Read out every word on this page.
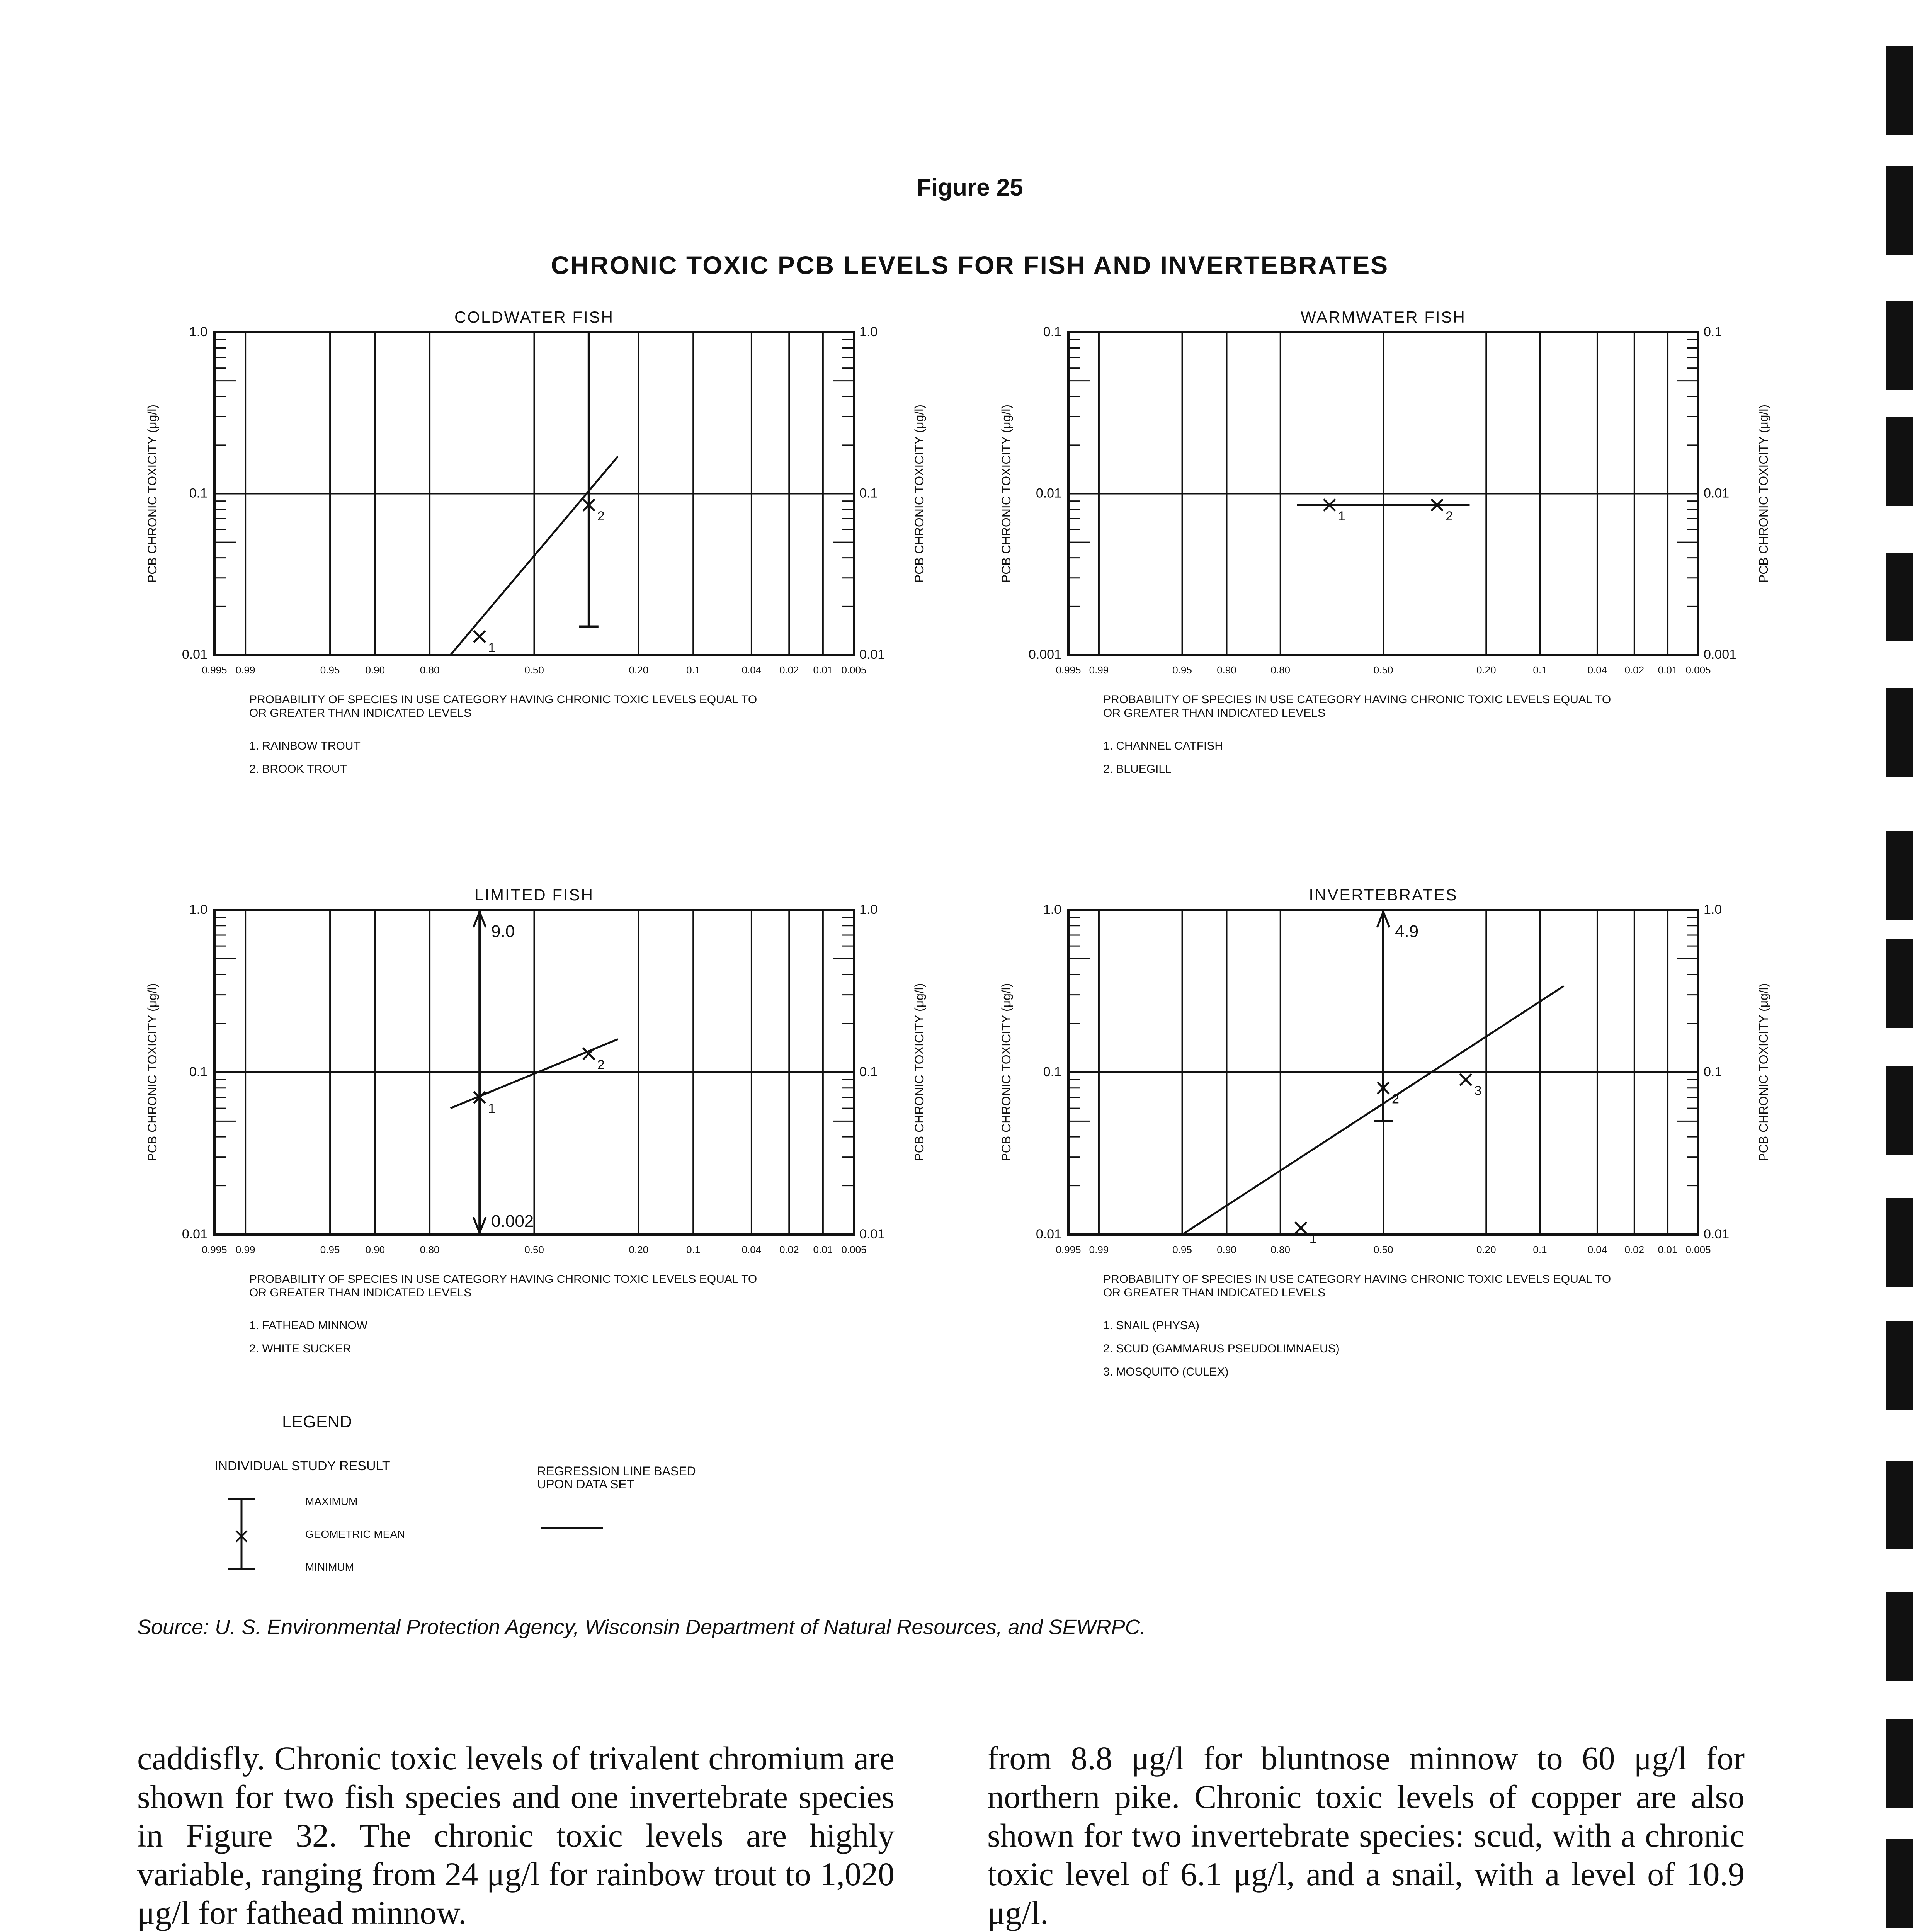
Figure 25
CHRONIC TOXIC PCB LEVELS FOR FISH AND INVERTEBRATES
COLDWATER FISH
0.995 0.99	0.95	0.90	0.80	0.50	0.20	0.1	0.04 0.02 0.01 0.005
1.0	1.0
0.1	0.1
0.01	0.01
PCB CHRONIC TOXICITY (μg/l)	PCB CHRONIC TOXICITY (μg/l)
PROBABILITY OF SPECIES IN USE CATEGORY HAVING CHRONIC TOXIC LEVELS EQUAL TO
OR GREATER THAN INDICATED LEVELS
1. RAINBOW TROUT
2. BROOK TROUT
1
2
WARMWATER FISH
0.995 0.99	0.95 0.90	0.80	0.50	0.20	0.1	0.04 0.02 0.01 0.005
0.1	0.1
0.01	0.01
0.001	0.001
PCB CHRONIC TOXICITY (μg/l)	PCB CHRONIC TOXICITY (μg/l)
PROBABILITY OF SPECIES IN USE CATEGORY HAVING CHRONIC TOXIC LEVELS EQUAL TO
OR GREATER THAN INDICATED LEVELS
1. CHANNEL CATFISH
2. BLUEGILL
1	2
LIMITED FISH
0.995 0.99	0.95	0.90	0.80	0.50	0.20	0.1	0.04 0.02 0.01 0.005
1.0	1.0
0.1	0.1
0.01	0.01
PCB CHRONIC TOXICITY (μg/l)	PCB CHRONIC TOXICITY (μg/l)
PROBABILITY OF SPECIES IN USE CATEGORY HAVING CHRONIC TOXIC LEVELS EQUAL TO
OR GREATER THAN INDICATED LEVELS
1. FATHEAD MINNOW
2. WHITE SUCKER
1
2
9.0
0.002
INVERTEBRATES
0.995 0.99	0.95 0.90	0.80	0.50	0.20	0.1	0.04 0.02 0.01 0.005
1.0	1.0
0.1	0.1
0.01	0.01
PCB CHRONIC TOXICITY (μg/l)	PCB CHRONIC TOXICITY (μg/l)
PROBABILITY OF SPECIES IN USE CATEGORY HAVING CHRONIC TOXIC LEVELS EQUAL TO
OR GREATER THAN INDICATED LEVELS
1. SNAIL (PHYSA)
2. SCUD (GAMMARUS PSEUDOLIMNAEUS)
3. MOSQUITO (CULEX)
1
2
3
4.9

LEGEND

INDIVIDUAL STUDY RESULT

MAXIMUM

GEOMETRIC MEAN

MINIMUM

REGRESSION LINE BASED
UPON DATA SET

Source: U. S. Environmental Protection Agency, Wisconsin Department of Natural Resources, and SEWRPC.

caddisfly. Chronic toxic levels of trivalent chromium are shown for two fish species and one invertebrate species in Figure 32. The chronic toxic levels are highly variable, ranging from 24 μg/l for rainbow trout to 1,020 μg/l for fathead minnow.

from 8.8 μg/l for bluntnose minnow to 60 μg/l for northern pike. Chronic toxic levels of copper are also shown for two invertebrate species: scud, with a chronic toxic level of 6.1 μg/l, and a snail, with a level of 10.9 μg/l.
